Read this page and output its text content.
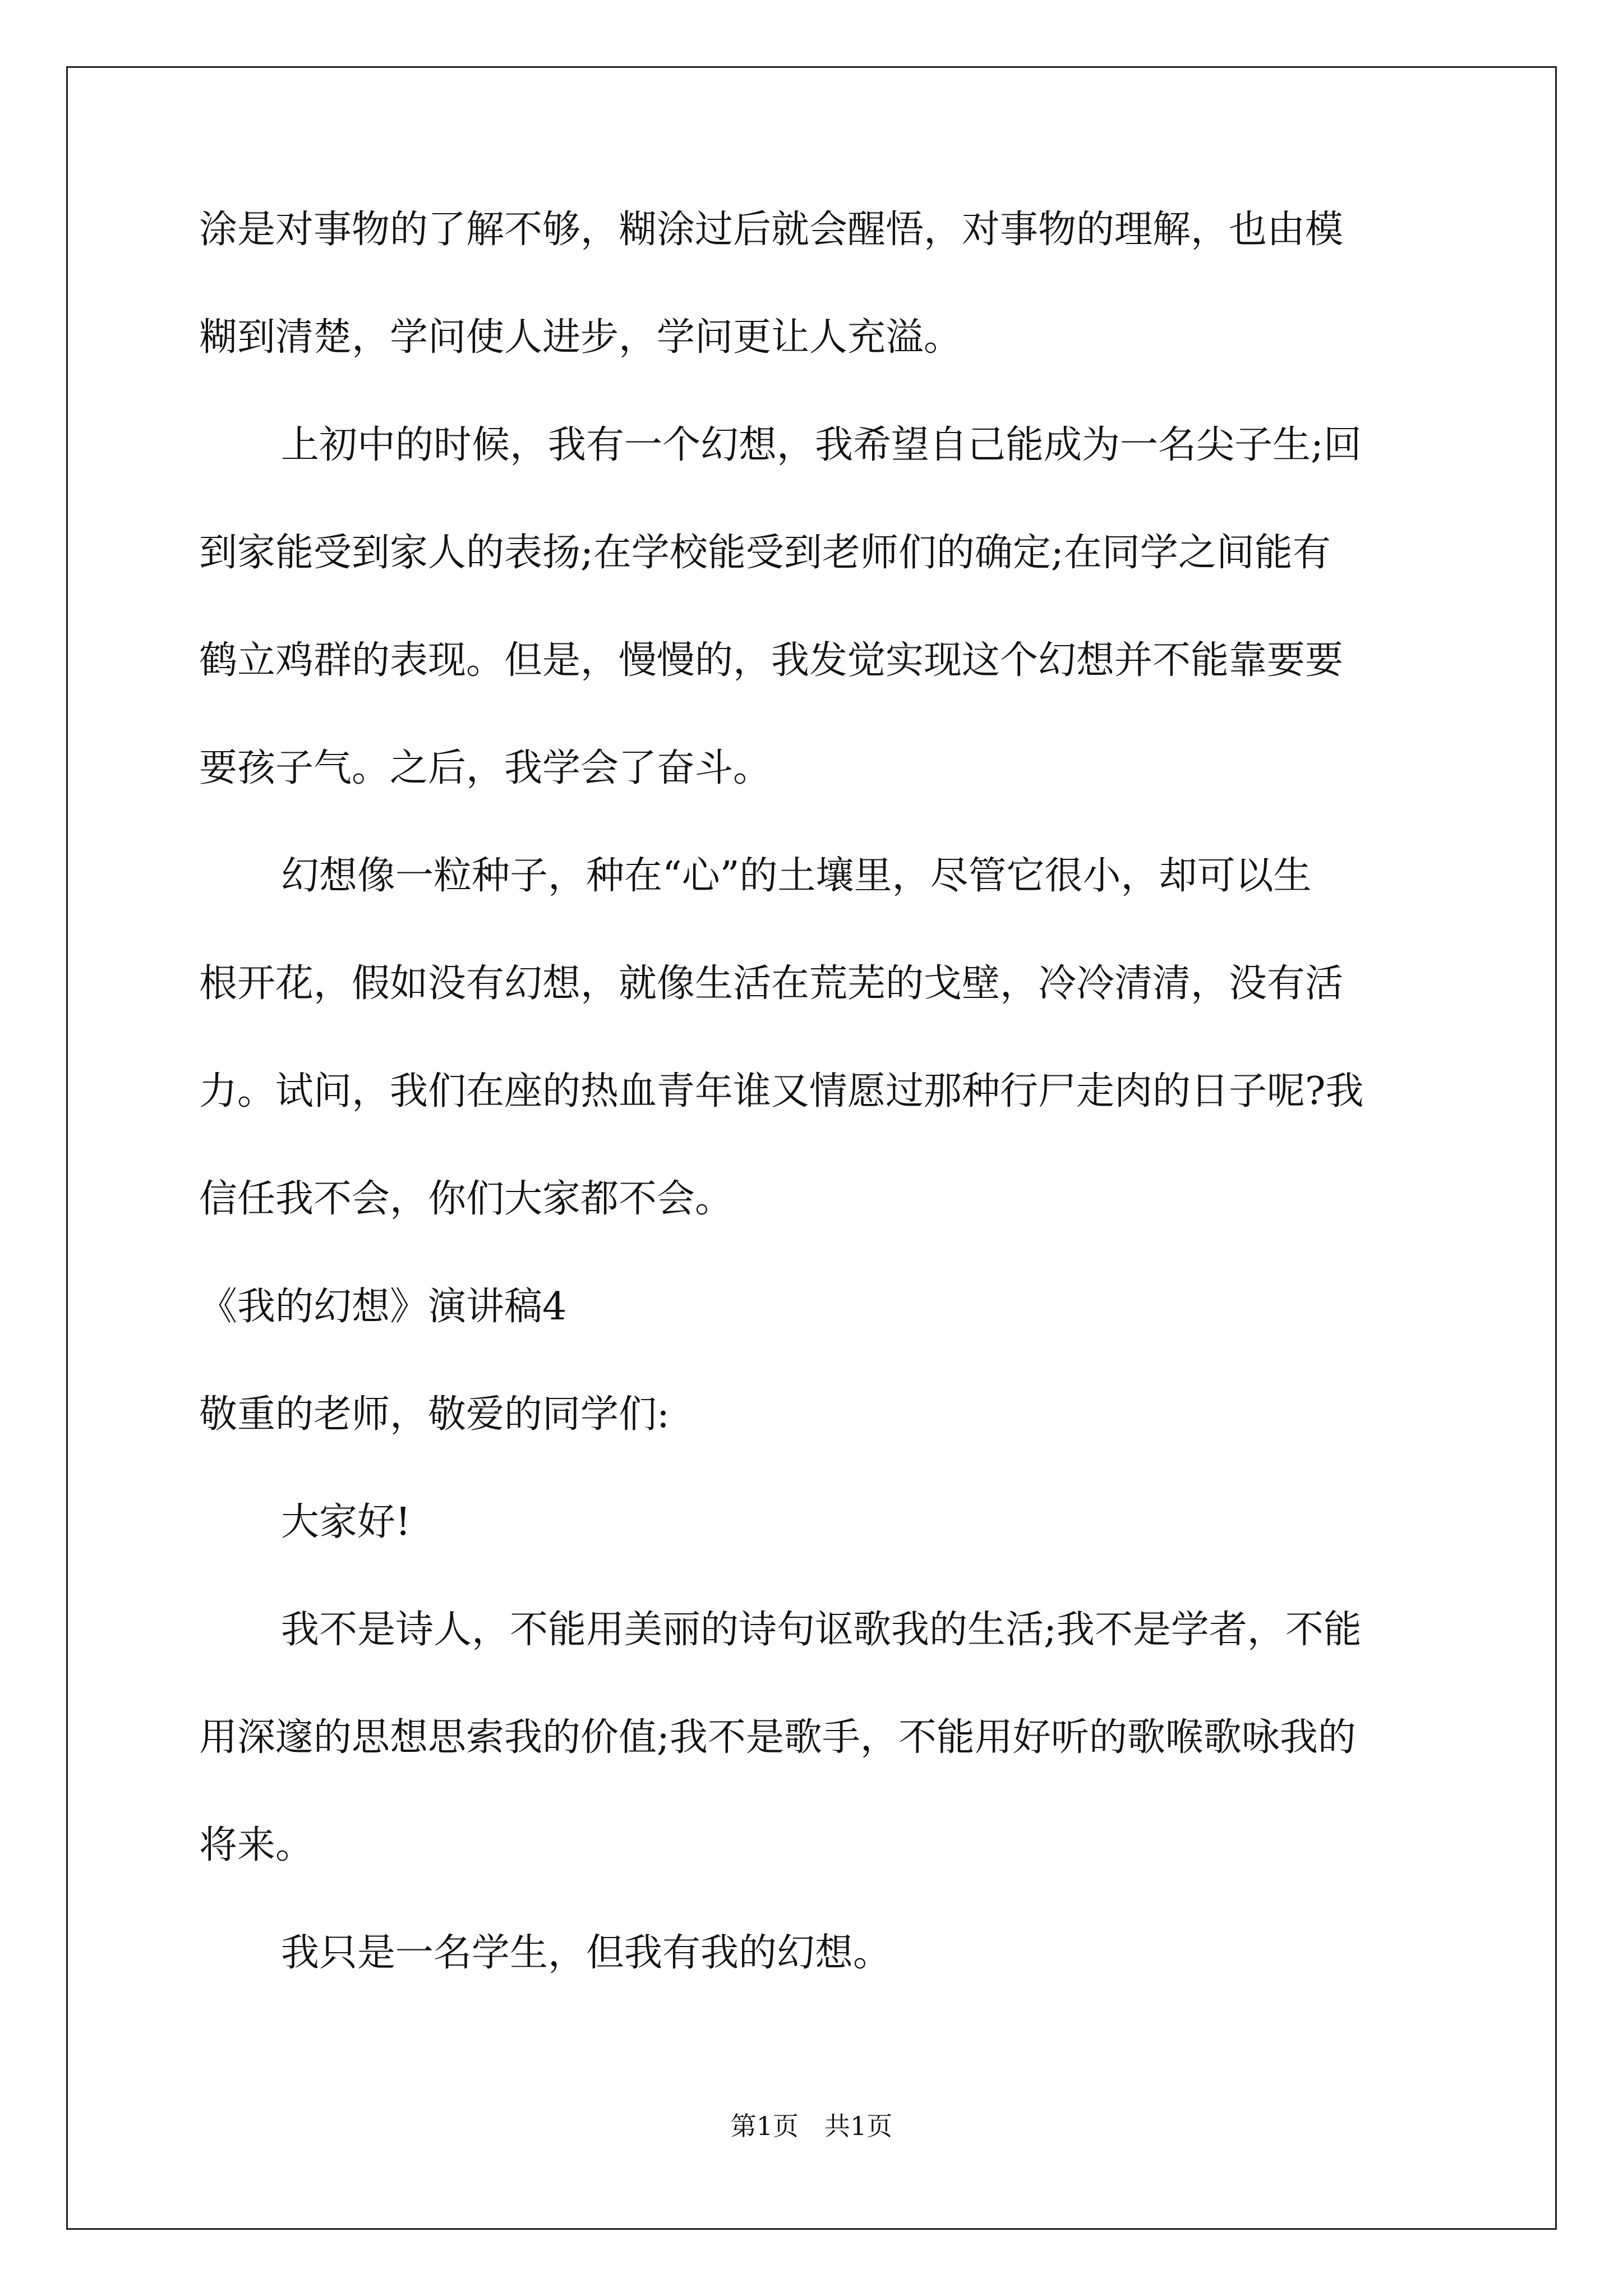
涂是对事物的了解不够，糊涂过后就会醒悟，对事物的理解，也由模
糊到清楚，学问使人进步，学问更让人充溢。
上初中的时候，我有一个幻想，我希望自己能成为一名尖子生;回
到家能受到家人的表扬;在学校能受到老师们的确定;在同学之间能有
鹤立鸡群的表现。但是，慢慢的，我发觉实现这个幻想并不能靠要要
要孩子气。之后，我学会了奋斗。
幻想像一粒种子，种在“心”的土壤里，尽管它很小，却可以生
根开花，假如没有幻想，就像生活在荒芜的戈壁，冷冷清清，没有活
力。试问，我们在座的热血青年谁又情愿过那种行尸走肉的日子呢?我
信任我不会，你们大家都不会。
《我的幻想》演讲稿4
敬重的老师，敬爱的同学们:
大家好!
我不是诗人，不能用美丽的诗句讴歌我的生活;我不是学者，不能
用深邃的思想思索我的价值;我不是歌手，不能用好听的歌喉歌咏我的
将来。
我只是一名学生，但我有我的幻想。
第1页　共1页
